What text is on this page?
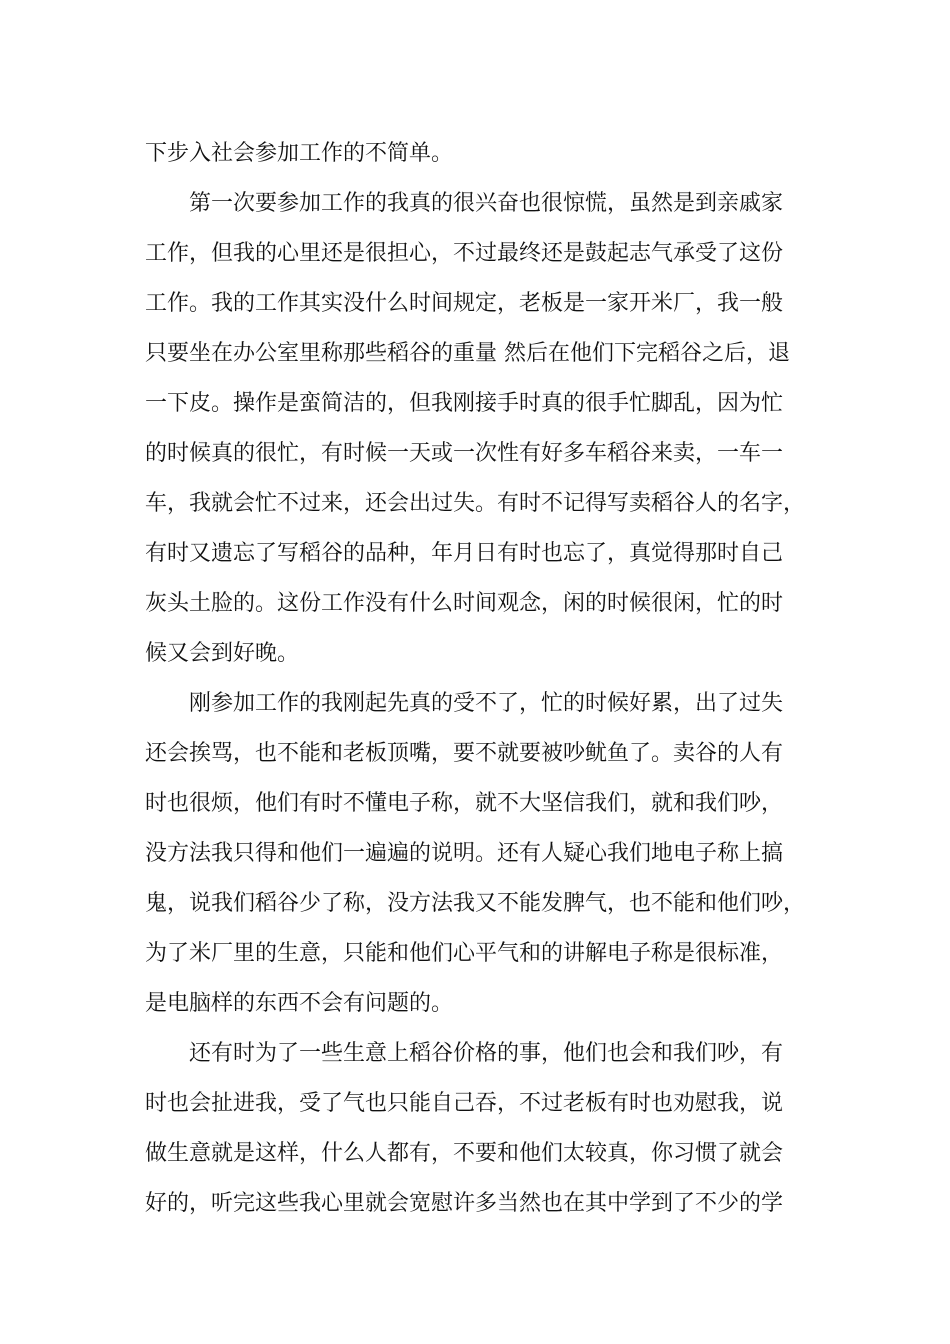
下步入社会参加工作的不简单。
第一次要参加工作的我真的很兴奋也很惊慌，虽然是到亲戚家
工作，但我的心里还是很担心，不过最终还是鼓起志气承受了这份
工作。我的工作其实没什么时间规定，老板是一家开米厂，我一般
只要坐在办公室里称那些稻谷的重量 然后在他们下完稻谷之后，退
一下皮。操作是蛮简洁的，但我刚接手时真的很手忙脚乱，因为忙
的时候真的很忙，有时候一天或一次性有好多车稻谷来卖，一车一
车，我就会忙不过来，还会出过失。有时不记得写卖稻谷人的名字，
有时又遗忘了写稻谷的品种，年月日有时也忘了，真觉得那时自己
灰头土脸的。这份工作没有什么时间观念，闲的时候很闲，忙的时
候又会到好晚。
刚参加工作的我刚起先真的受不了，忙的时候好累，出了过失
还会挨骂，也不能和老板顶嘴，要不就要被吵鱿鱼了。卖谷的人有
时也很烦，他们有时不懂电子称，就不大坚信我们，就和我们吵，
没方法我只得和他们一遍遍的说明。还有人疑心我们地电子称上搞
鬼，说我们稻谷少了称，没方法我又不能发脾气，也不能和他们吵，
为了米厂里的生意，只能和他们心平气和的讲解电子称是很标准，
是电脑样的东西不会有问题的。
还有时为了一些生意上稻谷价格的事，他们也会和我们吵，有
时也会扯进我，受了气也只能自己吞，不过老板有时也劝慰我，说
做生意就是这样，什么人都有，不要和他们太较真，你习惯了就会
好的，听完这些我心里就会宽慰许多当然也在其中学到了不少的学
